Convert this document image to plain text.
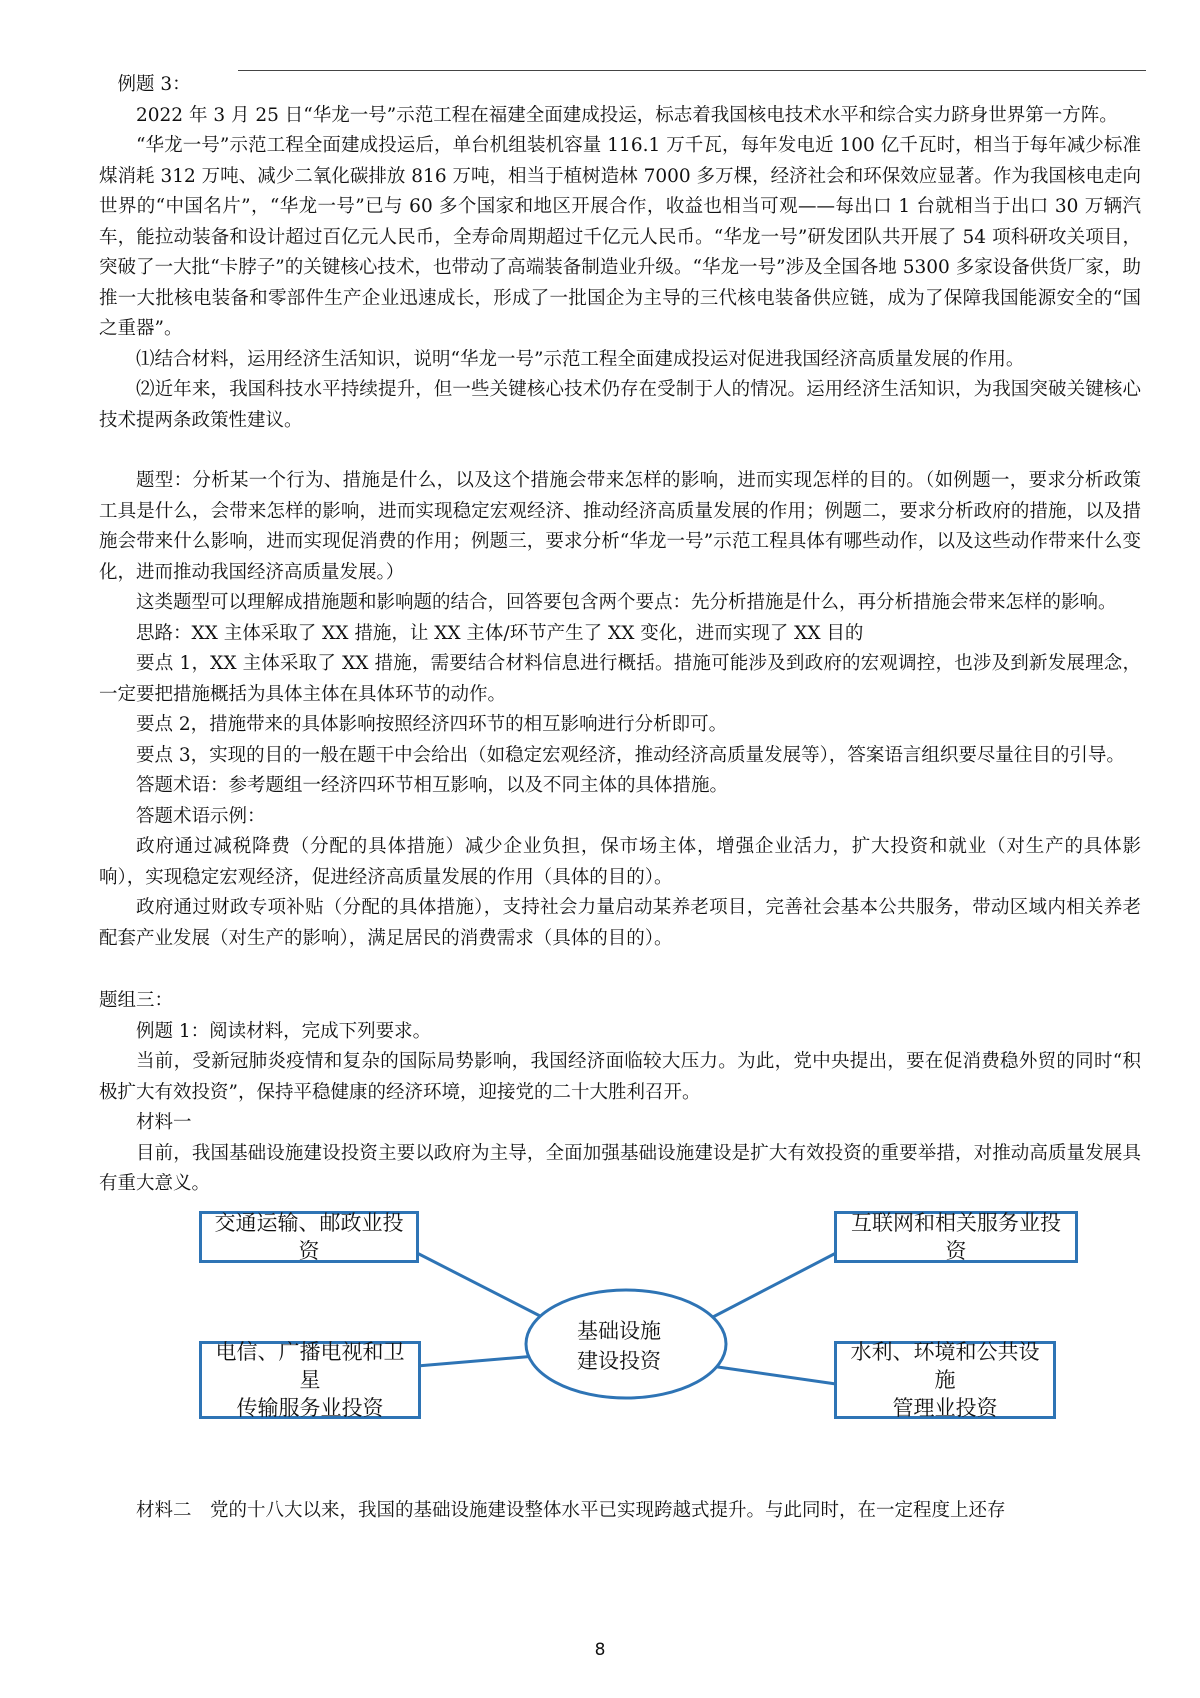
例题 3：

2022 年 3 月 25 日“华龙一号”示范工程在福建全面建成投运，标志着我国核电技术水平和综合实力跻身世界第一方阵。

“华龙一号”示范工程全面建成投运后，单台机组装机容量 116.1 万千瓦，每年发电近 100 亿千瓦时，相当于每年减少标准煤消耗 312 万吨、减少二氧化碳排放 816 万吨，相当于植树造林 7000 多万棵，经济社会和环保效应显著。作为我国核电走向世界的“中国名片”，“华龙一号”已与 60 多个国家和地区开展合作，收益也相当可观——每出口 1 台就相当于出口 30 万辆汽车，能拉动装备和设计超过百亿元人民币，全寿命周期超过千亿元人民币。“华龙一号”研发团队共开展了 54 项科研攻关项目，突破了一大批“卡脖子”的关键核心技术，也带动了高端装备制造业升级。“华龙一号”涉及全国各地 5300 多家设备供货厂家，助推一大批核电装备和零部件生产企业迅速成长，形成了一批国企为主导的三代核电装备供应链，成为了保障我国能源安全的“国之重器”。

⑴结合材料，运用经济生活知识，说明“华龙一号”示范工程全面建成投运对促进我国经济高质量发展的作用。

⑵近年来，我国科技水平持续提升，但一些关键核心技术仍存在受制于人的情况。运用经济生活知识，为我国突破关键核心技术提两条政策性建议。

题型：分析某一个行为、措施是什么，以及这个措施会带来怎样的影响，进而实现怎样的目的。（如例题一，要求分析政策工具是什么，会带来怎样的影响，进而实现稳定宏观经济、推动经济高质量发展的作用；例题二，要求分析政府的措施，以及措施会带来什么影响，进而实现促消费的作用；例题三，要求分析“华龙一号”示范工程具体有哪些动作，以及这些动作带来什么变化，进而推动我国经济高质量发展。）

这类题型可以理解成措施题和影响题的结合，回答要包含两个要点：先分析措施是什么，再分析措施会带来怎样的影响。

思路：XX 主体采取了 XX 措施，让 XX 主体/环节产生了 XX 变化，进而实现了 XX 目的

要点 1，XX 主体采取了 XX 措施，需要结合材料信息进行概括。措施可能涉及到政府的宏观调控，也涉及到新发展理念，一定要把措施概括为具体主体在具体环节的动作。

要点 2，措施带来的具体影响按照经济四环节的相互影响进行分析即可。

要点 3，实现的目的一般在题干中会给出（如稳定宏观经济，推动经济高质量发展等），答案语言组织要尽量往目的引导。

答题术语：参考题组一经济四环节相互影响，以及不同主体的具体措施。

答题术语示例：

政府通过减税降费（分配的具体措施）减少企业负担，保市场主体，增强企业活力，扩大投资和就业（对生产的具体影响），实现稳定宏观经济，促进经济高质量发展的作用（具体的目的）。

政府通过财政专项补贴（分配的具体措施），支持社会力量启动某养老项目，完善社会基本公共服务，带动区域内相关养老配套产业发展（对生产的影响），满足居民的消费需求（具体的目的）。

题组三：

例题 1：阅读材料，完成下列要求。

当前，受新冠肺炎疫情和复杂的国际局势影响，我国经济面临较大压力。为此，党中央提出，要在促消费稳外贸的同时“积极扩大有效投资”，保持平稳健康的经济环境，迎接党的二十大胜利召开。

材料一

目前，我国基础设施建设投资主要以政府为主导，全面加强基础设施建设是扩大有效投资的重要举措，对推动高质量发展具有重大意义。

基础设施
建设投资
交通运输、邮政业投资
互联网和相关服务业投资
电信、广播电视和卫星
传输服务业投资
水利、环境和公共设施
管理业投资

材料二　党的十八大以来，我国的基础设施建设整体水平已实现跨越式提升。与此同时，在一定程度上还存

8
